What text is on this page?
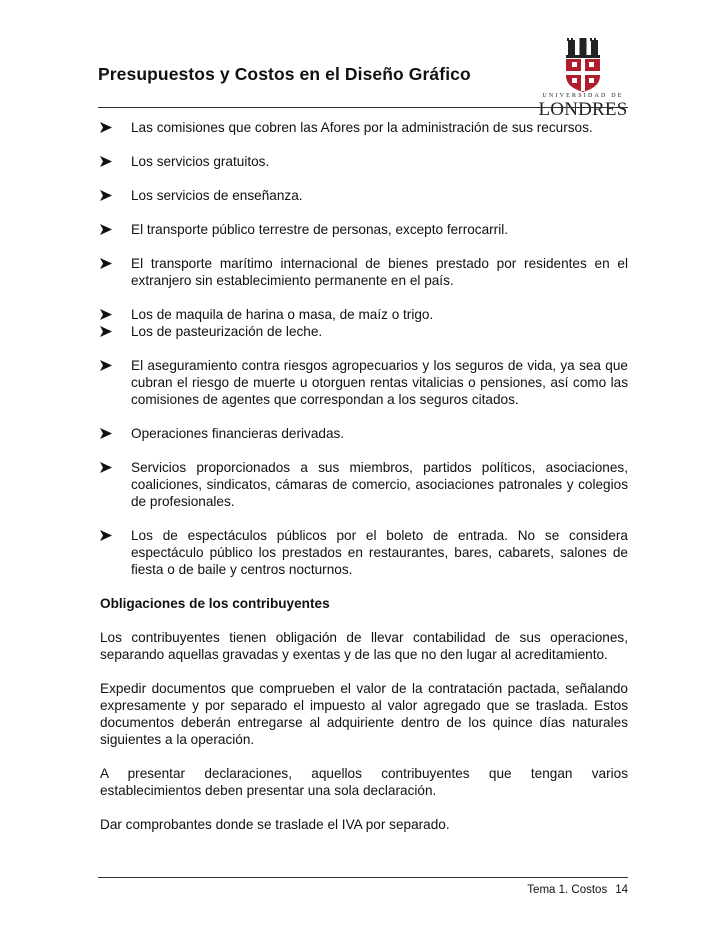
Presupuestos y Costos en el Diseño Gráfico
UNIVERSIDAD DE
LONDRES
Las comisiones que cobren las Afores por la administración de sus recursos.
Los servicios gratuitos.
Los servicios de enseñanza.
El transporte público terrestre de personas, excepto ferrocarril.
El transporte marítimo internacional de bienes prestado por residentes en el extranjero sin establecimiento permanente en el país.
Los de maquila de harina o masa, de maíz o trigo.
Los de pasteurización de leche.
El aseguramiento contra riesgos agropecuarios y los seguros de vida, ya sea que cubran el riesgo de muerte u otorguen rentas vitalicias o pensiones, así como las comisiones de agentes que correspondan a los seguros citados.
Operaciones financieras derivadas.
Servicios proporcionados a sus miembros, partidos políticos, asociaciones, coaliciones, sindicatos, cámaras de comercio, asociaciones patronales y colegios de profesionales.
Los de espectáculos públicos por el boleto de entrada. No se considera espectáculo público los prestados en restaurantes, bares, cabarets, salones de fiesta o de baile y centros nocturnos.
Obligaciones de los contribuyentes
Los contribuyentes tienen obligación de llevar contabilidad de sus operaciones, separando aquellas gravadas y exentas y de las que no den lugar al acreditamiento.
Expedir documentos que comprueben el valor de la contratación pactada, señalando expresamente y por separado el impuesto al valor agregado que se traslada. Estos documentos deberán entregarse al adquiriente dentro de los quince días naturales siguientes a la operación.
A presentar declaraciones, aquellos contribuyentes que tengan varios
establecimientos deben presentar una sola declaración.
Dar comprobantes donde se traslade el IVA por separado.
Tema 1. Costos 14
